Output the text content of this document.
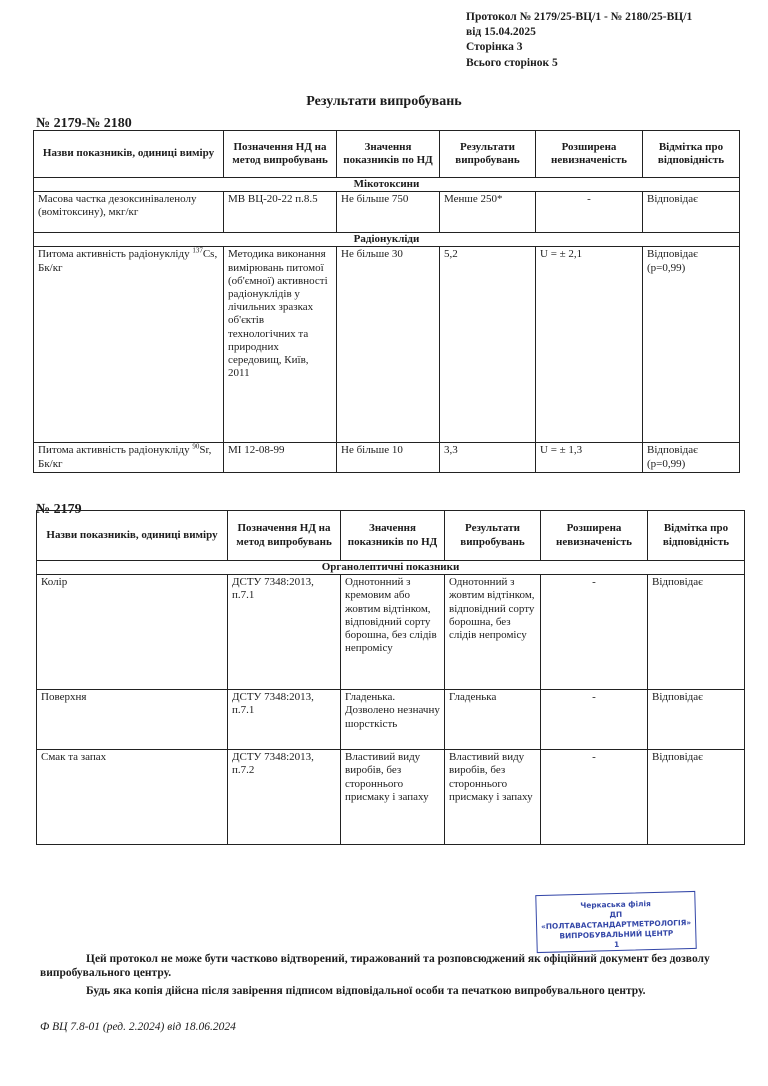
Протокол № 2179/25-ВЦ/1 - № 2180/25-ВЦ/1
від 15.04.2025
Сторінка 3
Всього сторінок 5
Результати випробувань
№ 2179-№ 2180
Назви показників, одиниці виміру	Позначення НД на метод випробувань	Значення показників по НД	Результати випробувань	Розширена невизначеність	Відмітка про відповідність
Мікотоксини					
Масова частка дезоксиніваленолу (вомітоксину), мкг/кг	МВ ВЦ-20-22 п.8.5	Не більше 750	Менше 250*	-	Відповідає
Радіонукліди					
Питома активність радіонукліду $^{137}$Cs, Бк/кг	Методика виконання вимірювань питомої (об'ємної) активності радіонуклідів у лічильних зразках об'єктів технологічних та природних середовищ, Київ, 2011	Не більше 30	5,2	U = ± 2,1	Відповідає (р=0,99)
Питома активність радіонукліду $^{90}$Sr, Бк/кг	МІ 12-08-99	Не більше 10	3,3	U = ± 1,3	Відповідає (р=0,99)
№ 2179
Назви показників, одиниці виміру	Позначення НД на метод випробувань	Значення показників по НД	Результати випробувань	Розширена невизначеність	Відмітка про відповідність
Органолептичні показники					
Колір	ДСТУ 7348:2013, п.7.1	Однотонний з кремовим або жовтим відтінком, відповідний сорту борошна, без слідів непромісу	Однотонний з жовтим відтінком, відповідний сорту борошна, без слідів непромісу	-	Відповідає
Поверхня	ДСТУ 7348:2013, п.7.1	Гладенька. Дозволено незначну шорсткість	Гладенька	-	Відповідає
Смак та запах	ДСТУ 7348:2013, п.7.2	Властивий виду виробів, без стороннього присмаку і запаху	Властивий виду виробів, без стороннього присмаку і запаху	-	Відповідає
Черкаська філія
ДП «ПОЛТАВАСТАНДАРТМЕТРОЛОГІЯ»
ВИПРОБУВАЛЬНИЙ ЦЕНТР
1
Цей протокол не може бути частково відтворений, тиражований та розповсюджений як офіційний документ без дозволу випробувального центру.
Будь яка копія дійсна після завірення підписом відповідальної особи та печаткою випробувального центру.
Ф ВЦ 7.8-01 (ред. 2.2024) від 18.06.2024
